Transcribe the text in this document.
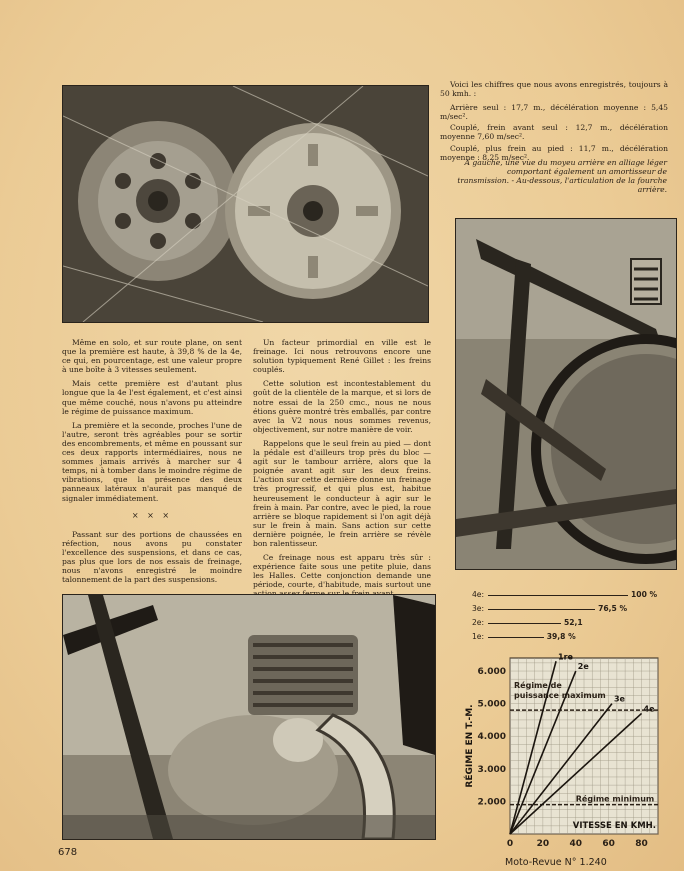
Voici les chiffres que nous avons enregistrés, toujours à 50 kmh. :

Arrière seul : 17,7 m., décélération moyenne : 5,45 m/sec².

Couplé, frein avant seul : 12,7 m., décélération moyenne 7,60 m/sec².

Couplé, plus frein au pied : 11,7 m., décélération moyenne : 8,25 m/sec².

A gauche, une vue du moyeu arrière en alliage léger comportant également un amortisseur de transmission. - Au-dessous, l'articulation de la fourche arrière.

Même en solo, et sur route plane, on sent que la première est haute, à 39,8 % de la 4e, ce qui, en pourcentage, est une valeur propre à une boîte à 3 vitesses seulement.

Mais cette première est d'autant plus longue que la 4e l'est également, et c'est ainsi que même couché, nous n'avons pu atteindre le régime de puissance maximum.

La première et la seconde, proches l'une de l'autre, seront très agréables pour se sortir des encombrements, et même en poussant sur ces deux rapports intermédiaires, nous ne sommes jamais arrivés à marcher sur 4 temps, ni à tomber dans le moindre régime de vibrations, que la présence des deux panneaux latéraux n'aurait pas manqué de signaler immédiatement.

× × ×

Passant sur des portions de chaussées en réfection, nous avons pu constater l'excellence des suspensions, et dans ce cas, pas plus que lors de nos essais de freinage, nous n'avons enregistré le moindre talonnement de la part des suspensions.

Un facteur primordial en ville est le freinage. Ici nous retrouvons encore une solution typiquement René Gillet : les freins couplés.

Cette solution est incontestablement du goût de la clientèle de la marque, et si lors de notre essai de la 250 cmc., nous ne nous étions guère montré très emballés, par contre avec la V2 nous nous sommes revenus, objectivement, sur notre manière de voir.

Rappelons que le seul frein au pied — dont la pédale est d'ailleurs trop près du bloc — agit sur le tambour arrière, alors que la poignée avant agit sur les deux freins. L'action sur cette dernière donne un freinage très progressif, et qui plus est, habitue heureusement le conducteur à agir sur le frein à main. Par contre, avec le pied, la roue arrière se bloque rapidement si l'on agit déjà sur le frein à main. Sans action sur cette dernière poignée, le frein arrière se révèle bon ralentisseur.

Ce freinage nous est apparu très sûr : expérience faite sous une petite pluie, dans les Halles. Cette conjonction demande une période, courte, d'habitude, mais surtout une

4e:	100 %
3e:	76,5 %
2e:	52,1
1e:	39,8 %
2.000
3.000
4.000
5.000
6.000
0	20 40 60 80
Régime de
puissance maximum
Régime minimum
1re
2e
3e
4e
VITESSE EN KMH.
RÉGIME EN T.-M.
678
Moto-Revue N° 1.240
